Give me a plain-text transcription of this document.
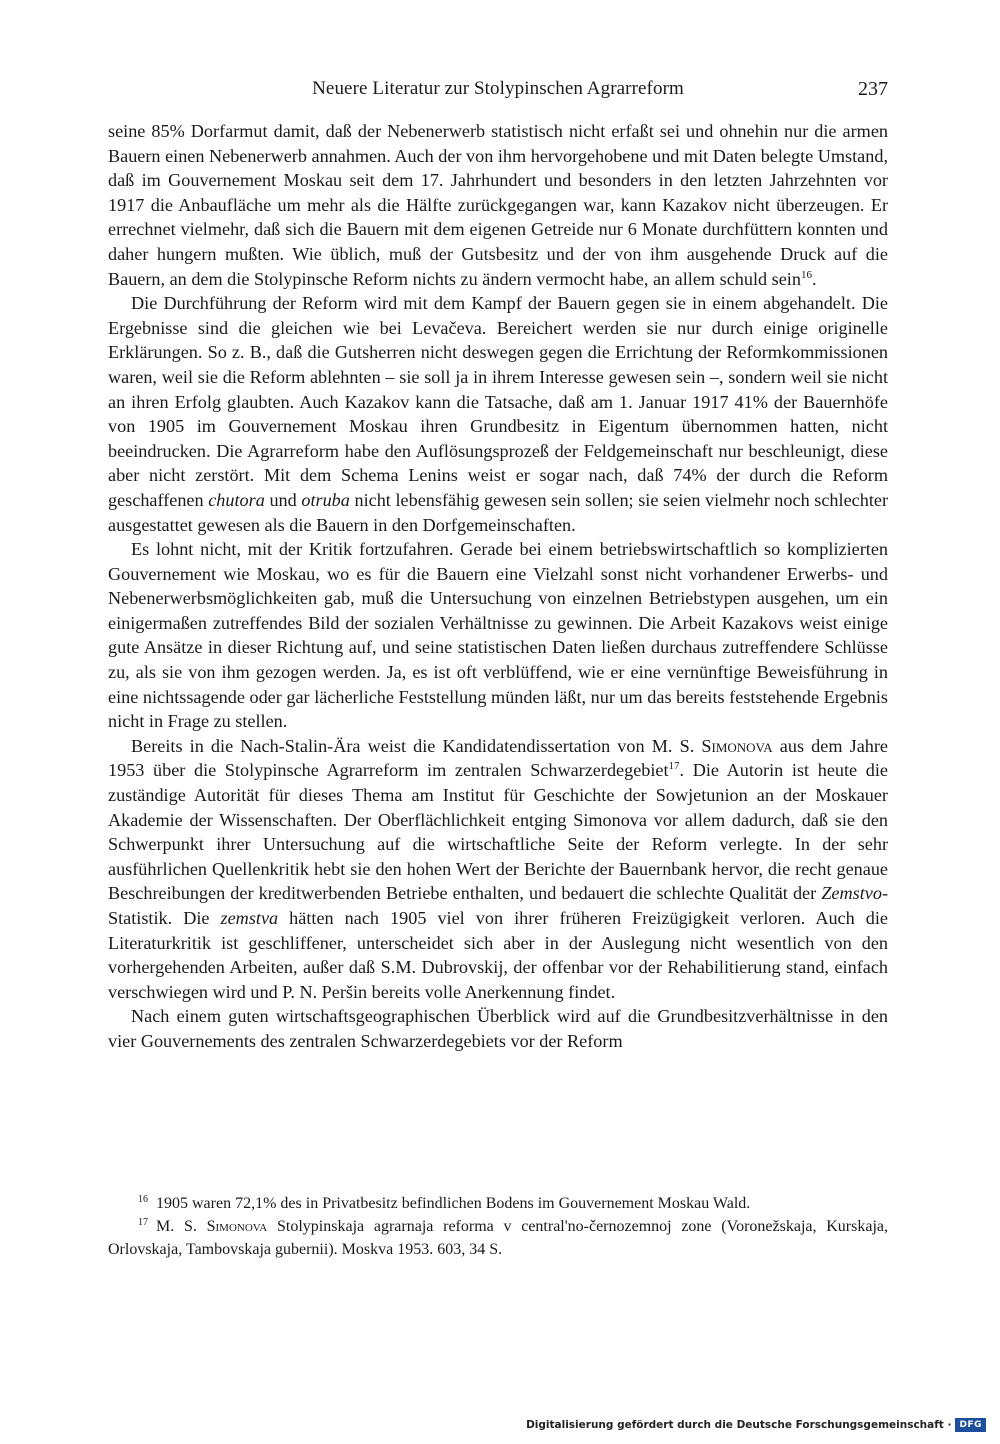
Neuere Literatur zur Stolypinschen Agrarreform	237

seine 85% Dorfarmut damit, daß der Nebenerwerb statistisch nicht erfaßt sei und ohnehin nur die armen Bauern einen Nebenerwerb annahmen. Auch der von ihm hervorgehobene und mit Daten belegte Umstand, daß im Gouvernement Moskau seit dem 17. Jahrhundert und besonders in den letzten Jahrzehnten vor 1917 die Anbaufläche um mehr als die Hälfte zurückgegangen war, kann Kazakov nicht überzeugen. Er errechnet vielmehr, daß sich die Bauern mit dem eigenen Getreide nur 6 Monate durchfüttern konnten und daher hungern mußten. Wie üblich, muß der Gutsbesitz und der von ihm ausgehende Druck auf die Bauern, an dem die Stolypinsche Reform nichts zu ändern vermocht habe, an allem schuld sein$^{16}$.

Die Durchführung der Reform wird mit dem Kampf der Bauern gegen sie in einem abgehandelt. Die Ergebnisse sind die gleichen wie bei Levačeva. Bereichert werden sie nur durch einige originelle Erklärungen. So z. B., daß die Gutsherren nicht deswegen gegen die Errichtung der Reformkommissionen waren, weil sie die Reform ablehnten – sie soll ja in ihrem Interesse gewesen sein –, sondern weil sie nicht an ihren Erfolg glaubten. Auch Kazakov kann die Tatsache, daß am 1. Januar 1917 41% der Bauernhöfe von 1905 im Gouvernement Moskau ihren Grundbesitz in Eigentum übernommen hatten, nicht beeindrucken. Die Agrarreform habe den Auflösungsprozeß der Feldgemeinschaft nur beschleunigt, diese aber nicht zerstört. Mit dem Schema Lenins weist er sogar nach, daß 74% der durch die Reform geschaffenen chutora und otruba nicht lebensfähig gewesen sein sollen; sie seien vielmehr noch schlechter ausgestattet gewesen als die Bauern in den Dorfgemeinschaften.

Es lohnt nicht, mit der Kritik fortzufahren. Gerade bei einem betriebswirtschaftlich so komplizierten Gouvernement wie Moskau, wo es für die Bauern eine Vielzahl sonst nicht vorhandener Erwerbs- und Nebenerwerbsmöglichkeiten gab, muß die Untersuchung von einzelnen Betriebstypen ausgehen, um ein einigermaßen zutreffendes Bild der sozialen Verhältnisse zu gewinnen. Die Arbeit Kazakovs weist einige gute Ansätze in dieser Richtung auf, und seine statistischen Daten ließen durchaus zutreffendere Schlüsse zu, als sie von ihm gezogen werden. Ja, es ist oft verblüffend, wie er eine vernünftige Beweisführung in eine nichtssagende oder gar lächerliche Feststellung münden läßt, nur um das bereits feststehende Ergebnis nicht in Frage zu stellen.

Bereits in die Nach-Stalin-Ära weist die Kandidatendissertation von M. S. Simonova aus dem Jahre 1953 über die Stolypinsche Agrarreform im zentralen Schwarzerdegebiet$^{17}$. Die Autorin ist heute die zuständige Autorität für dieses Thema am Institut für Geschichte der Sowjetunion an der Moskauer Akademie der Wissenschaften. Der Oberflächlichkeit entging Simonova vor allem dadurch, daß sie den Schwerpunkt ihrer Untersuchung auf die wirtschaftliche Seite der Reform verlegte. In der sehr ausführlichen Quellenkritik hebt sie den hohen Wert der Berichte der Bauernbank hervor, die recht genaue Beschreibungen der kreditwerbenden Betriebe enthalten, und bedauert die schlechte Qualität der Zemstvo-Statistik. Die zemstva hätten nach 1905 viel von ihrer früheren Freizügigkeit verloren. Auch die Literaturkritik ist geschliffener, unterscheidet sich aber in der Auslegung nicht wesentlich von den vorhergehenden Arbeiten, außer daß S.M. Dubrovskij, der offenbar vor der Rehabilitierung stand, einfach verschwiegen wird und P. N. Peršin bereits volle Anerkennung findet.

Nach einem guten wirtschaftsgeographischen Überblick wird auf die Grundbesitzverhältnisse in den vier Gouvernements des zentralen Schwarzerdegebiets vor der Reform

$^{16}$ 1905 waren 72,1% des in Privatbesitz befindlichen Bodens im Gouvernement Moskau Wald.

$^{17}$ M. S. Simonova Stolypinskaja agrarnaja reforma v central'no-černozemnoj zone (Voronežskaja, Kurskaja, Orlovskaja, Tambovskaja gubernii). Moskva 1953. 603, 34 S.

Digitalisierung gefördert durch die Deutsche Forschungsgemeinschaft · DFG
